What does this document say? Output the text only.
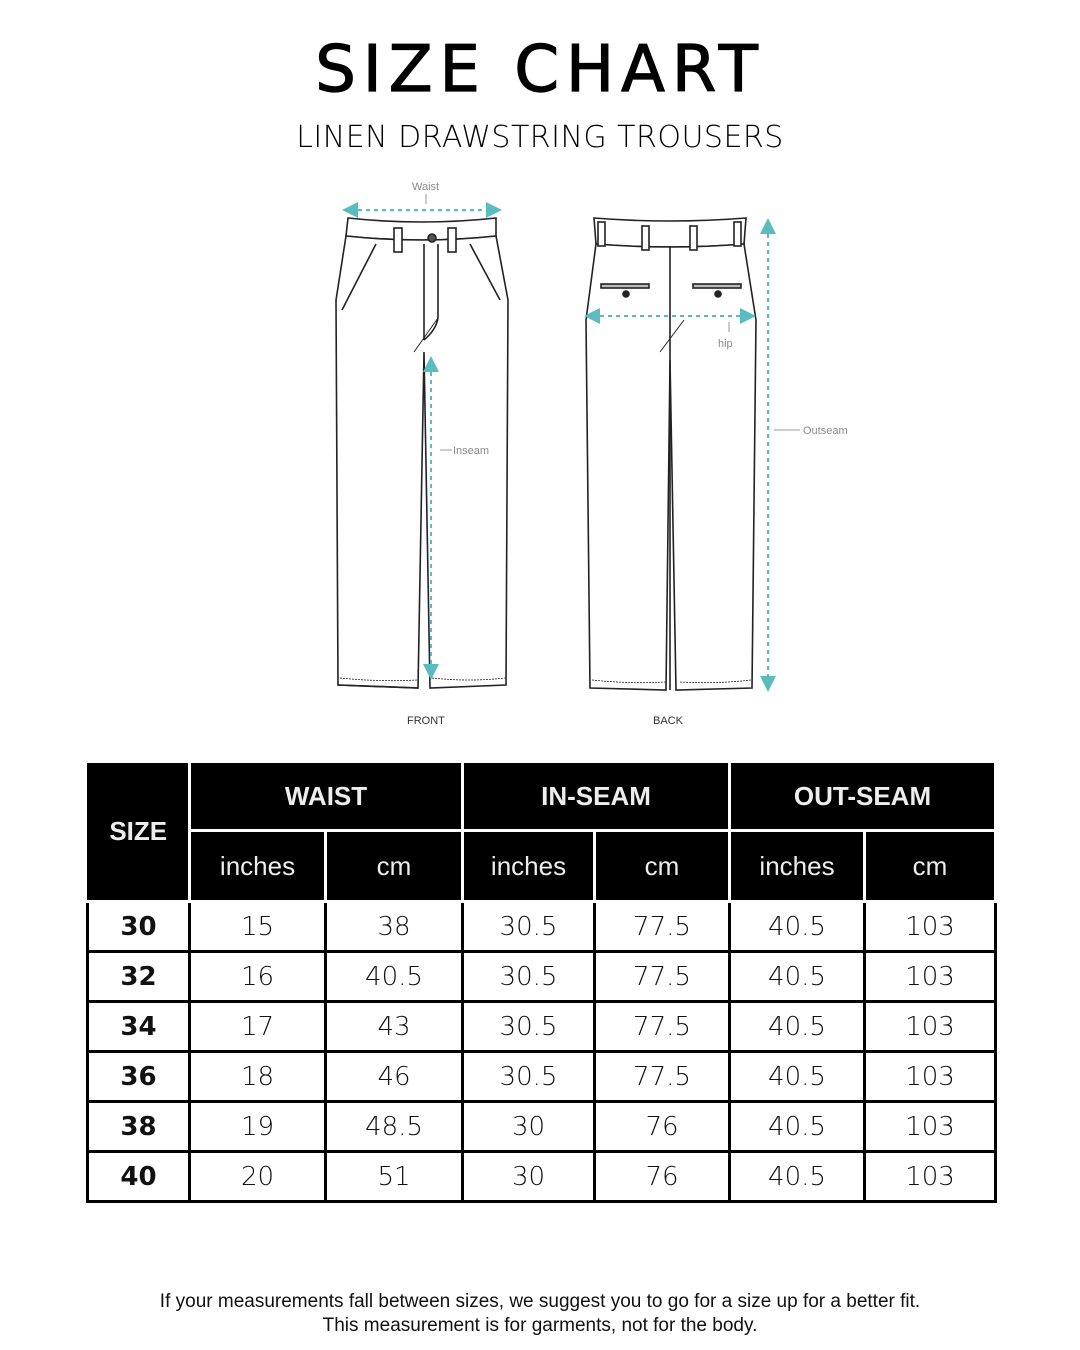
SIZE CHART
LINEN DRAWSTRING TROUSERS
Waist
Inseam
hip
Outseam
FRONT	BACK
SIZE	WAIST		IN-SEAM		OUT-SEAM	
	inches	cm	inches	cm	inches	cm
30	15	38	30.5	77.5	40.5	103
32	16	40.5	30.5	77.5	40.5	103
34	17	43	30.5	77.5	40.5	103
36	18	46	30.5	77.5	40.5	103
38	19	48.5	30	76	40.5	103
40	20	51	30	76	40.5	103
If your measurements fall between sizes, we suggest you to go for a size up for a better fit.
This measurement is for garments, not for the body.
